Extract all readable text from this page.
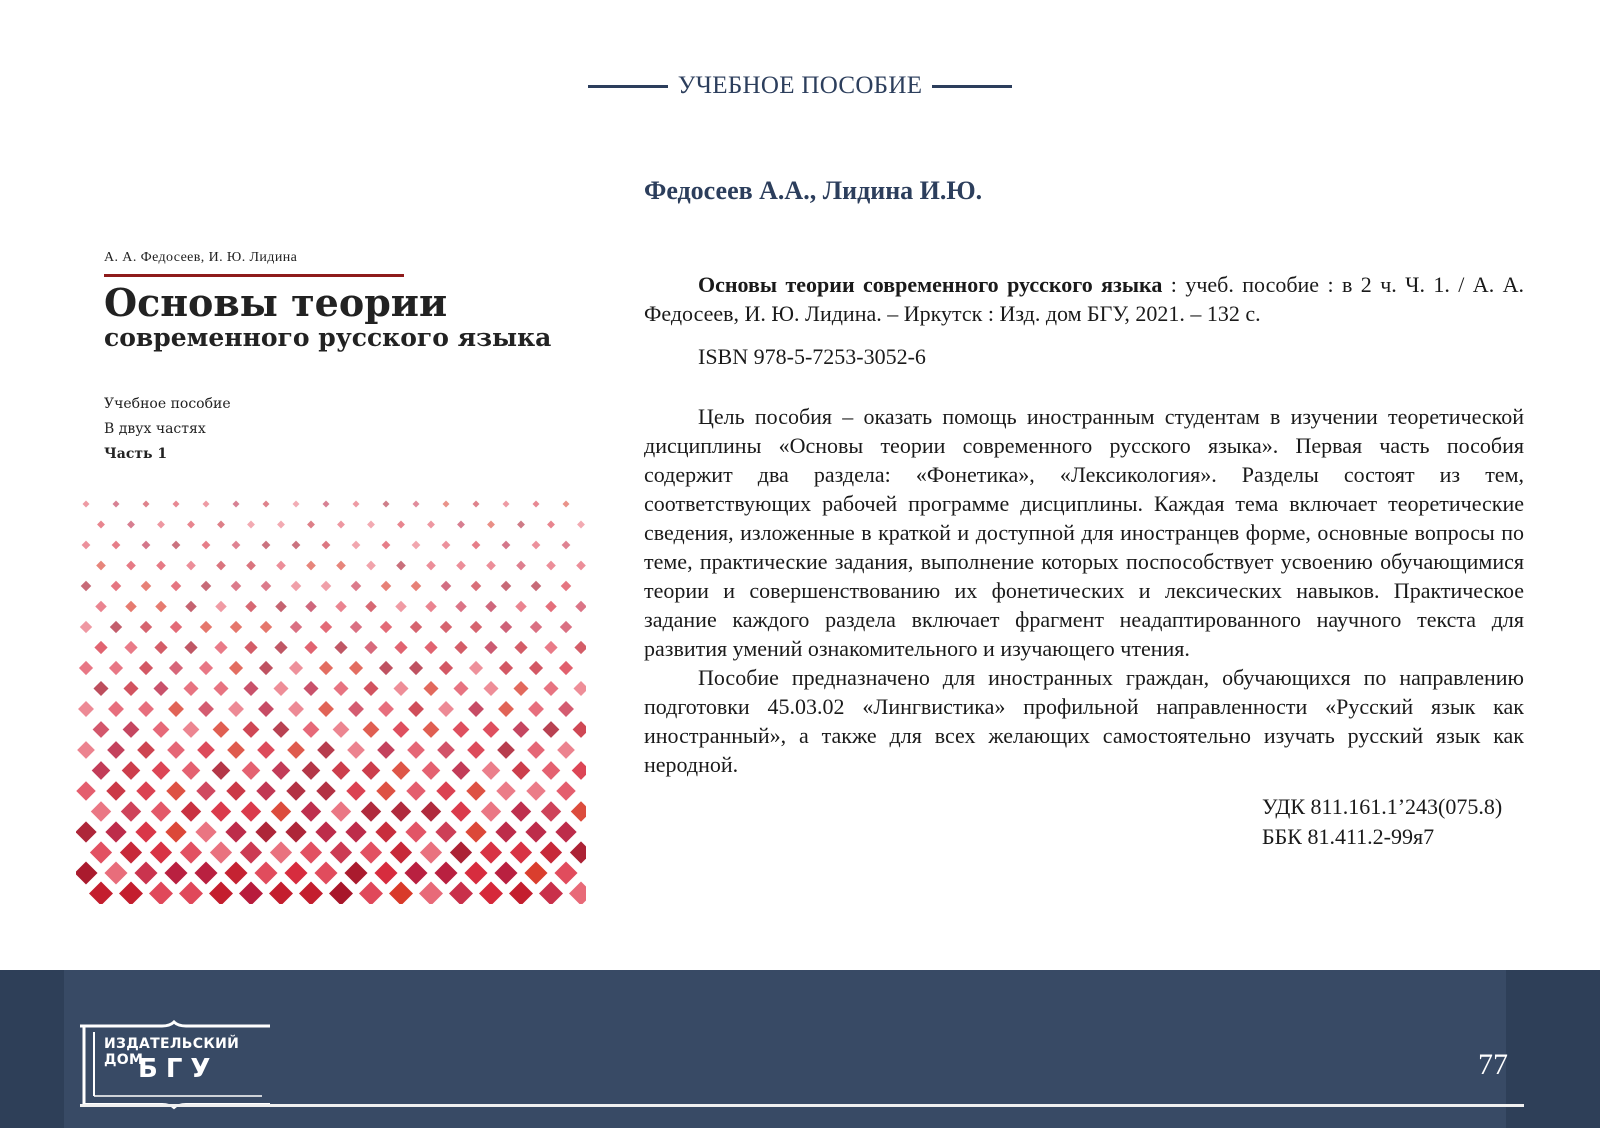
УЧЕБНОЕ ПОСОБИЕ
А. А. Федосеев, И. Ю. Лидина
Основы теории
современного русского языка
Учебное пособие
В двух частях
Часть 1
Федосеев А.А., Лидина И.Ю.
Основы теории современного русского языка : учеб. пособие : в 2 ч. Ч. 1. / А. А. Федосеев, И. Ю. Лидина. – Иркутск : Изд. дом БГУ, 2021. – 132 с.
ISBN 978-5-7253-3052-6

Цель пособия – оказать помощь иностранным студентам в изучении теоретической дисциплины «Основы теории современного русского языка». Первая часть пособия содержит два раздела: «Фонетика», «Лексикология». Разделы состоят из тем, соответствующих рабочей программе дисциплины. Каждая тема включает теоретические сведения, изложенные в краткой и доступной для иностранцев форме, основные вопросы по теме, практические задания, выполнение которых поспособствует усвоению обучающимися теории и совершенствованию их фонетических и лексических навыков. Практическое задание каждого раздела включает фрагмент неадаптированного научного текста для развития умений ознакомительного и изучающего чтения.

Пособие предназначено для иностранных граждан, обучающихся по направлению подготовки 45.03.02 «Лингвистика» профильной направленности «Русский язык как иностранный», а также для всех желающих самостоятельно изучать русский язык как неродной.

УДК 811.161.1’243(075.8)
ББК 81.411.2-99я7
ИЗДАТЕЛЬСКИЙ ДОМ
БГУ	77
